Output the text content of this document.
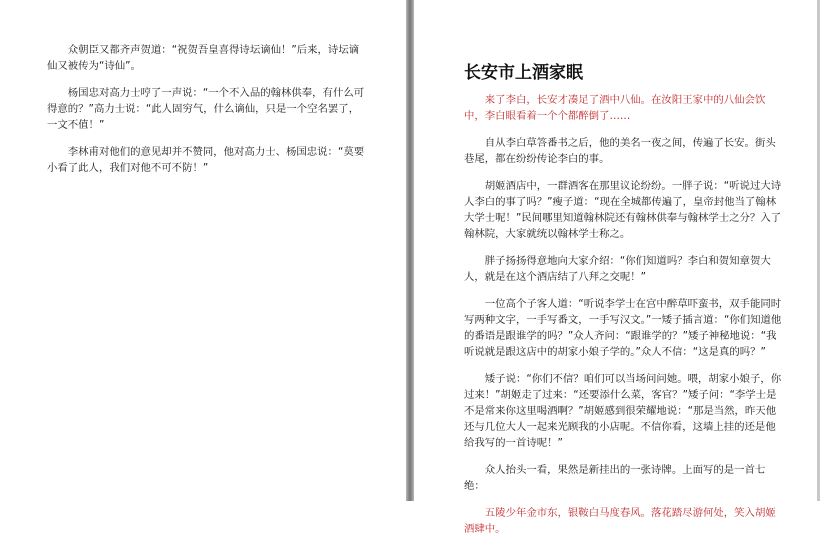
众朝臣又都齐声贺道：“祝贺吾皇喜得诗坛谪仙！”后来，诗坛谪仙又被传为“诗仙”。

杨国忠对高力士哼了一声说：“一个不入品的翰林供奉，有什么可得意的？”高力士说：“此人固穷气，什么谪仙，只是一个空名罢了，一文不值！”

李林甫对他们的意见却并不赞同，他对高力士、杨国忠说：“莫要小看了此人，我们对他不可不防！”

长安市上酒家眠

来了李白，长安才凑足了酒中八仙。在汝阳王家中的八仙会饮中，李白眼看着一个个都醉倒了……

自从李白草答番书之后，他的美名一夜之间，传遍了长安。街头巷尾，都在纷纷传论李白的事。

胡姬酒店中，一群酒客在那里议论纷纷。一胖子说：“听说过大诗人李白的事了吗？”瘦子道：“现在全城都传遍了，皇帝封他当了翰林大学士呢！”民间哪里知道翰林院还有翰林供奉与翰林学士之分？入了翰林院，大家就统以翰林学士称之。

胖子扬扬得意地向大家介绍：“你们知道吗？李白和贺知章贺大人，就是在这个酒店结了八拜之交呢！”

一位高个子客人道：“听说李学士在宫中醉草吓蛮书，双手能同时写两种文字，一手写番文，一手写汉文。”一矮子插言道：“你们知道他的番语是跟谁学的吗？”众人齐问：“跟谁学的？”矮子神秘地说：“我听说就是跟这店中的胡家小娘子学的。”众人不信：“这是真的吗？”

矮子说：“你们不信？咱们可以当场问问她。喂，胡家小娘子，你过来！”胡姬走了过来：“还要添什么菜，客官？”矮子问：“李学士是不是常来你这里喝酒啊？”胡姬感到很荣耀地说：“那是当然，昨天他还与几位大人一起来光顾我的小店呢。不信你看，这墙上挂的还是他给我写的一首诗呢！”

众人抬头一看，果然是新挂出的一张诗牌。上面写的是一首七绝：

五陵少年金市东，银鞍白马度春风。落花踏尽游何处，笑入胡姬酒肆中。
